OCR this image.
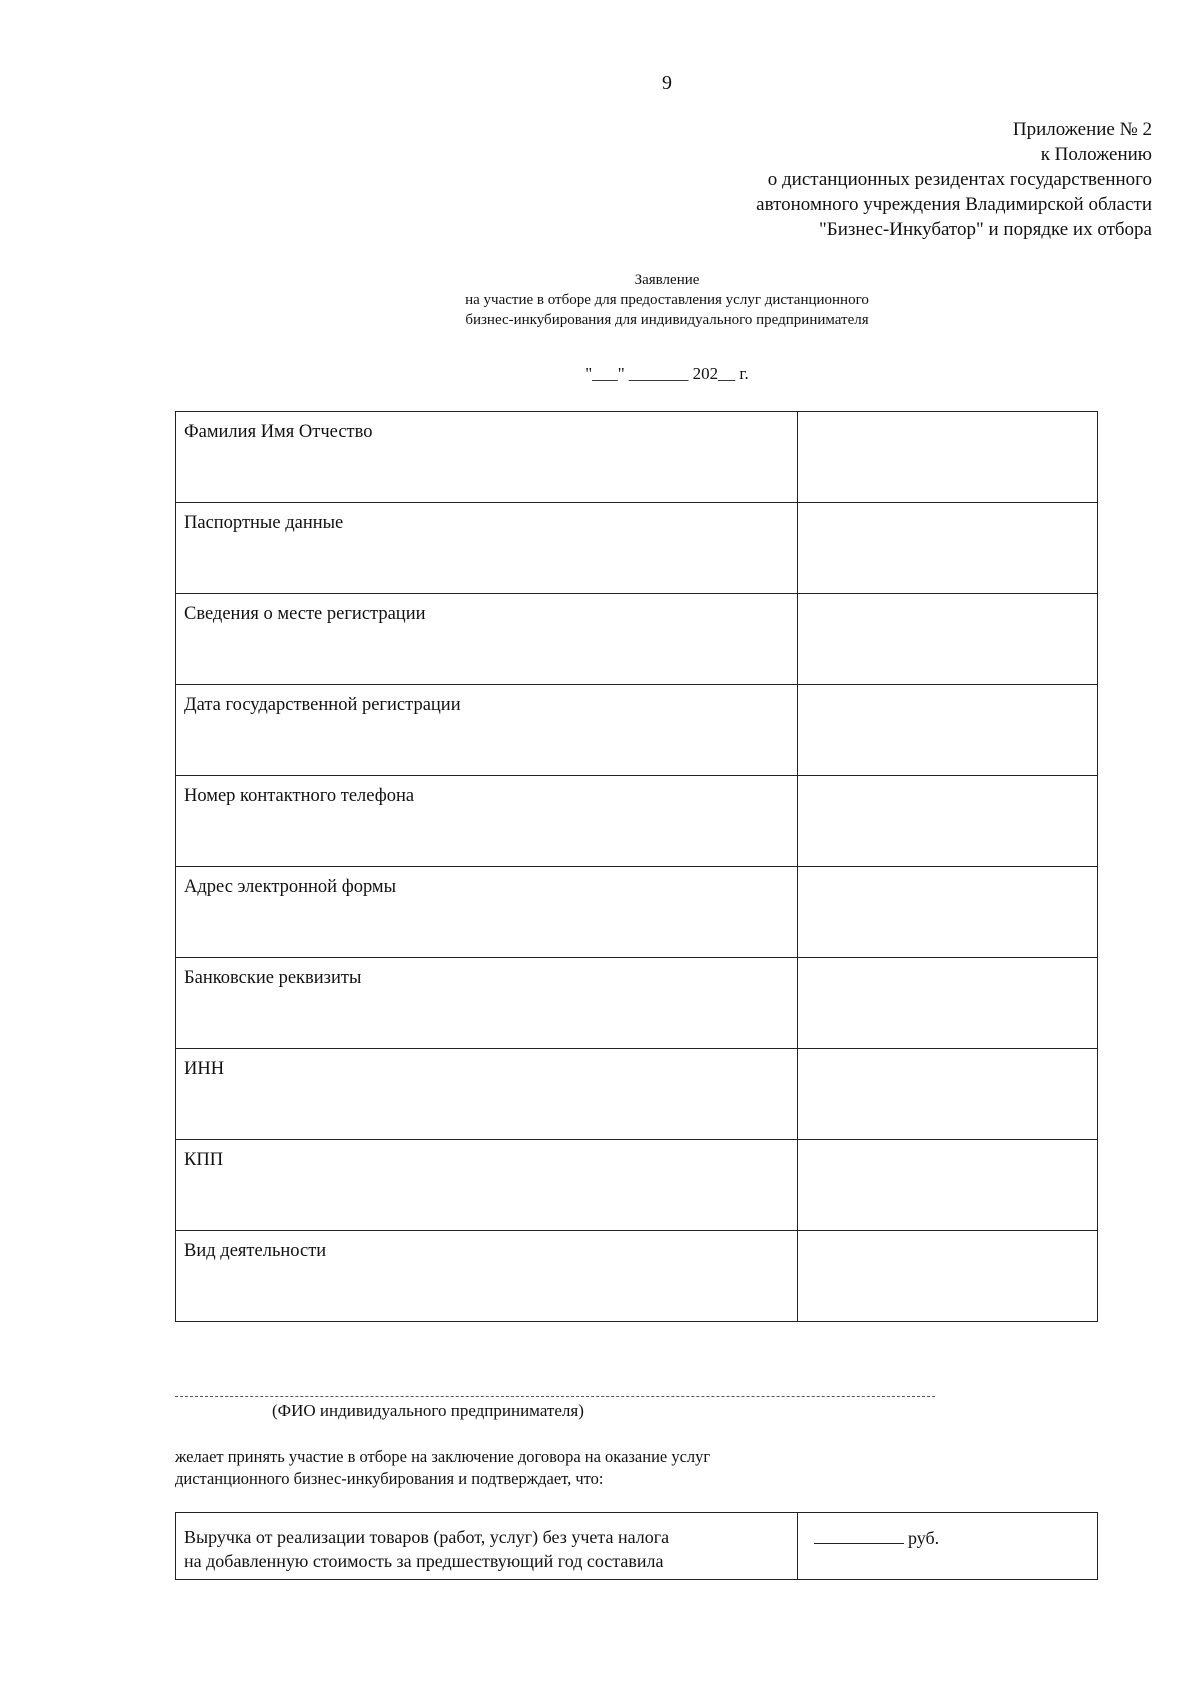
9
Приложение № 2
к Положению
о дистанционных резидентах государственного
автономного учреждения Владимирской области
"Бизнес-Инкубатор" и порядке их отбора
Заявление
на участие в отборе для предоставления услуг дистанционного
бизнес-инкубирования для индивидуального предпринимателя
"___" _______ 202__ г.
Фамилия Имя Отчество	
Паспортные данные	
Сведения о месте регистрации	
Дата государственной регистрации	
Номер контактного телефона	
Адрес электронной формы	
Банковские реквизиты	
ИНН	
КПП	
Вид деятельности	
(ФИО индивидуального предпринимателя)
желает принять участие в отборе на заключение договора на оказание услуг
дистанционного бизнес-инкубирования и подтверждает, что:
Выручка от реализации товаров (работ, услуг) без учета налога
на добавленную стоимость за предшествующий год составила
	руб.
